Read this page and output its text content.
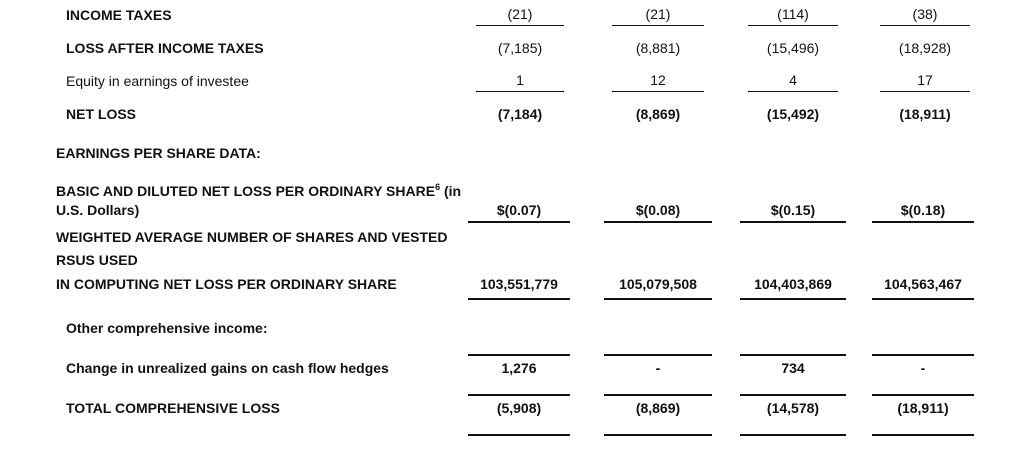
INCOME TAXES	(21)	(21)	(114)	(38)
LOSS AFTER INCOME TAXES	(7,185)	(8,881)	(15,496)	(18,928)
Equity in earnings of investee	1	12	4	17
NET LOSS	(7,184)	(8,869)	(15,492)	(18,911)
EARNINGS PER SHARE DATA:
BASIC AND DILUTED NET LOSS PER ORDINARY SHARE$^6$ (in
U.S. Dollars)	$(0.07)	$(0.08)	$(0.15)	$(0.18)
WEIGHTED AVERAGE NUMBER OF SHARES AND VESTED
RSUS USED
IN COMPUTING NET LOSS PER ORDINARY SHARE	103,551,779	105,079,508	104,403,869	104,563,467
Other comprehensive income:
Change in unrealized gains on cash flow hedges	1,276	-	734	-
TOTAL COMPREHENSIVE LOSS	(5,908)	(8,869)	(14,578)	(18,911)
